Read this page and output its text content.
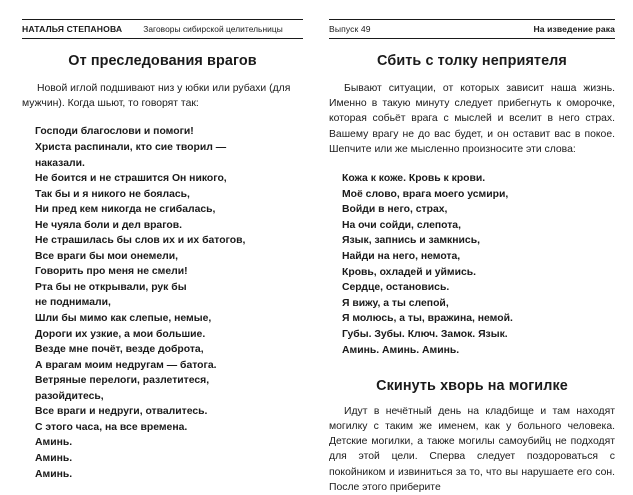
НАТАЛЬЯ СТЕПАНОВА	Заговоры сибирской целительницы
От преследования врагов

Новой иглой подшивают низ у юбки или рубахи (для мужчин). Когда шьют, то говорят так:

Господи благослови и помоги!
Христа распинали, кто сие творил —
наказали.
Не боится и не страшится Он никого,
Так бы и я никого не боялась,
Ни пред кем никогда не сгибалась,
Не чуяла боли и дел врагов.
Не страшилась бы слов их и их батогов,
Все враги бы мои онемели,
Говорить про меня не смели!
Рта бы не открывали, рук бы
не поднимали,
Шли бы мимо как слепые, немые,
Дороги их узкие, а мои большие.
Везде мне почёт, везде доброта,
А врагам моим недругам — батога.
Ветряные перелоги, разлетитеся,
разойдитесь,
Все враги и недруги, отвалитесь.
С этого часа, на все времена.
Аминь.
Аминь.
Аминь.
Выпуск 49	На изведение рака
Сбить с толку неприятеля

Бывают ситуации, от которых зависит наша жизнь. Именно в такую минуту следует прибегнуть к оморочке, которая собьёт врага с мыслей и вселит в него страх. Вашему врагу не до вас будет, и он оставит вас в покое. Шепчите или же мысленно произносите эти слова:

Кожа к коже. Кровь к крови.
Моё слово, врага моего усмири,
Войди в него, страх,
На очи сойди, слепота,
Язык, запнись и замкнись,
Найди на него, немота,
Кровь, охладей и уймись.
Сердце, остановись.
Я вижу, а ты слепой,
Я молюсь, а ты, вражина, немой.
Губы. Зубы. Ключ. Замок. Язык.
Аминь. Аминь. Аминь.
Скинуть хворь на могилке

Идут в нечётный день на кладбище и там находят могилку с таким же именем, как у больного человека. Детские могилки, а также могилы самоубийц не подходят для этой цели. Сперва следует поздороваться с покойником и извиниться за то, что вы нарушаете его сон. После этого приберите
